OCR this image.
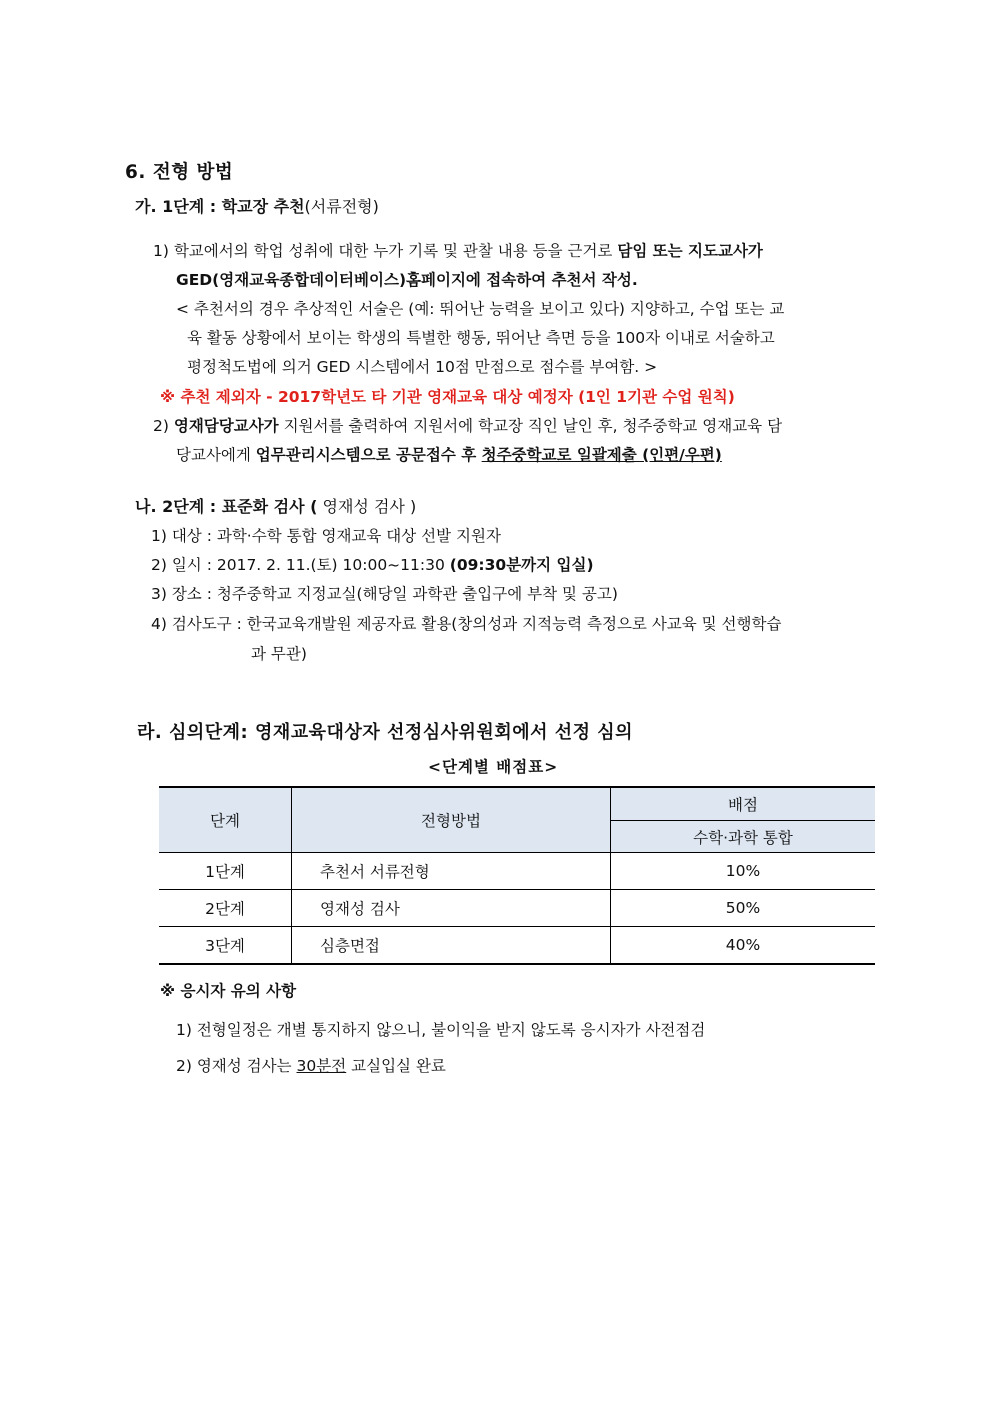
6. 전형 방법
가. 1단계 : 학교장 추천(서류전형)
1) 학교에서의 학업 성취에 대한 누가 기록 및 관찰 내용 등을 근거로 담임 또는 지도교사가
GED(영재교육종합데이터베이스)홈페이지에 접속하여 추천서 작성.
< 추천서의 경우 추상적인 서술은 (예: 뛰어난 능력을 보이고 있다) 지양하고, 수업 또는 교
육 활동 상황에서 보이는 학생의 특별한 행동, 뛰어난 측면 등을 100자 이내로 서술하고
평정척도법에 의거 GED 시스템에서 10점 만점으로 점수를 부여함. >
※ 추천 제외자 - 2017학년도 타 기관 영재교육 대상 예정자 (1인 1기관 수업 원칙)
2) 영재담당교사가 지원서를 출력하여 지원서에 학교장 직인 날인 후, 청주중학교 영재교육 담
당교사에게 업무관리시스템으로 공문접수 후 청주중학교로 일괄제출 (인편/우편)
나. 2단계 : 표준화 검사 ( 영재성 검사 )
1) 대상 : 과학·수학 통합 영재교육 대상 선발 지원자
2) 일시 : 2017. 2. 11.(토) 10:00~11:30 (09:30분까지 입실)
3) 장소 : 청주중학교 지정교실(해당일 과학관 출입구에 부착 및 공고)
4) 검사도구 : 한국교육개발원 제공자료 활용(창의성과 지적능력 측정으로 사교육 및 선행학습
과 무관)
라. 심의단계: 영재교육대상자 선정심사위원회에서 선정 심의
<단계별 배점표>
단계	전형방법	배점
		수학·과학 통합
1단계	추천서 서류전형	10%
2단계	영재성 검사	50%
3단계	심층면접	40%
※ 응시자 유의 사항
1) 전형일정은 개별 통지하지 않으니, 불이익을 받지 않도록 응시자가 사전점검
2) 영재성 검사는 30분전 교실입실 완료
